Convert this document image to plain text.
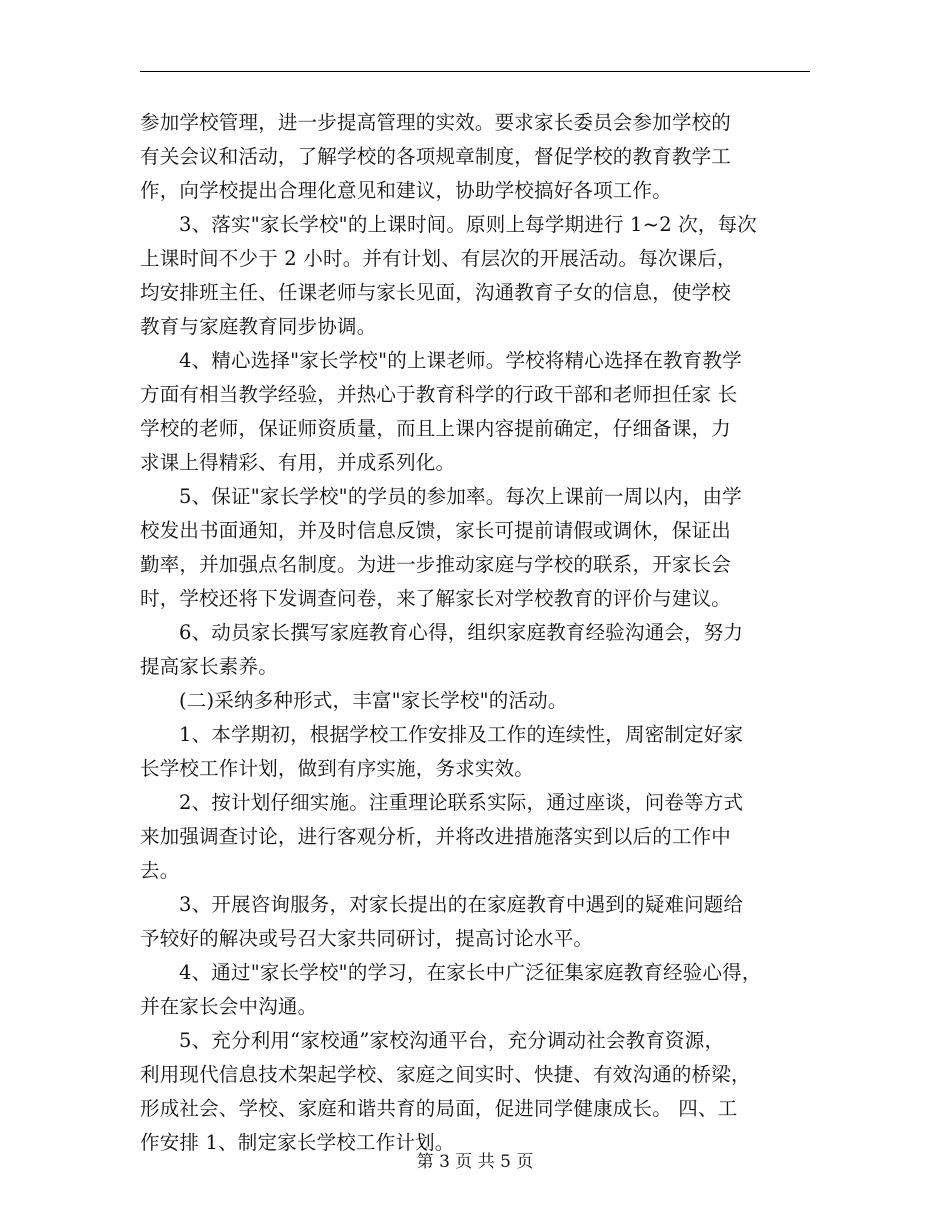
参加学校管理，进一步提高管理的实效。要求家长委员会参加学校的
有关会议和活动，了解学校的各项规章制度，督促学校的教育教学工
作，向学校提出合理化意见和建议，协助学校搞好各项工作。
3、落实"家长学校"的上课时间。原则上每学期进行 1~2 次，每次
上课时间不少于 2 小时。并有计划、有层次的开展活动。每次课后，
均安排班主任、任课老师与家长见面，沟通教育子女的信息，使学校
教育与家庭教育同步协调。
4、精心选择"家长学校"的上课老师。学校将精心选择在教育教学
方面有相当教学经验，并热心于教育科学的行政干部和老师担任家 长
学校的老师，保证师资质量，而且上课内容提前确定，仔细备课，力
求课上得精彩、有用，并成系列化。
5、保证"家长学校"的学员的参加率。每次上课前一周以内，由学
校发出书面通知，并及时信息反馈，家长可提前请假或调休，保证出
勤率，并加强点名制度。为进一步推动家庭与学校的联系，开家长会
时，学校还将下发调查问卷，来了解家长对学校教育的评价与建议。
6、动员家长撰写家庭教育心得，组织家庭教育经验沟通会，努力
提高家长素养。
(二)采纳多种形式，丰富"家长学校"的活动。
1、本学期初，根据学校工作安排及工作的连续性，周密制定好家
长学校工作计划，做到有序实施，务求实效。
2、按计划仔细实施。注重理论联系实际，通过座谈，问卷等方式
来加强调查讨论，进行客观分析，并将改进措施落实到以后的工作中
去。
3、开展咨询服务，对家长提出的在家庭教育中遇到的疑难问题给
予较好的解决或号召大家共同研讨，提高讨论水平。
4、通过"家长学校"的学习，在家长中广泛征集家庭教育经验心得，
并在家长会中沟通。
5、充分利用“家校通”家校沟通平台，充分调动社会教育资源，
利用现代信息技术架起学校、家庭之间实时、快捷、有效沟通的桥梁，
形成社会、学校、家庭和谐共育的局面，促进同学健康成长。 四、工
作安排 1、制定家长学校工作计划。
第 3 页 共 5 页
